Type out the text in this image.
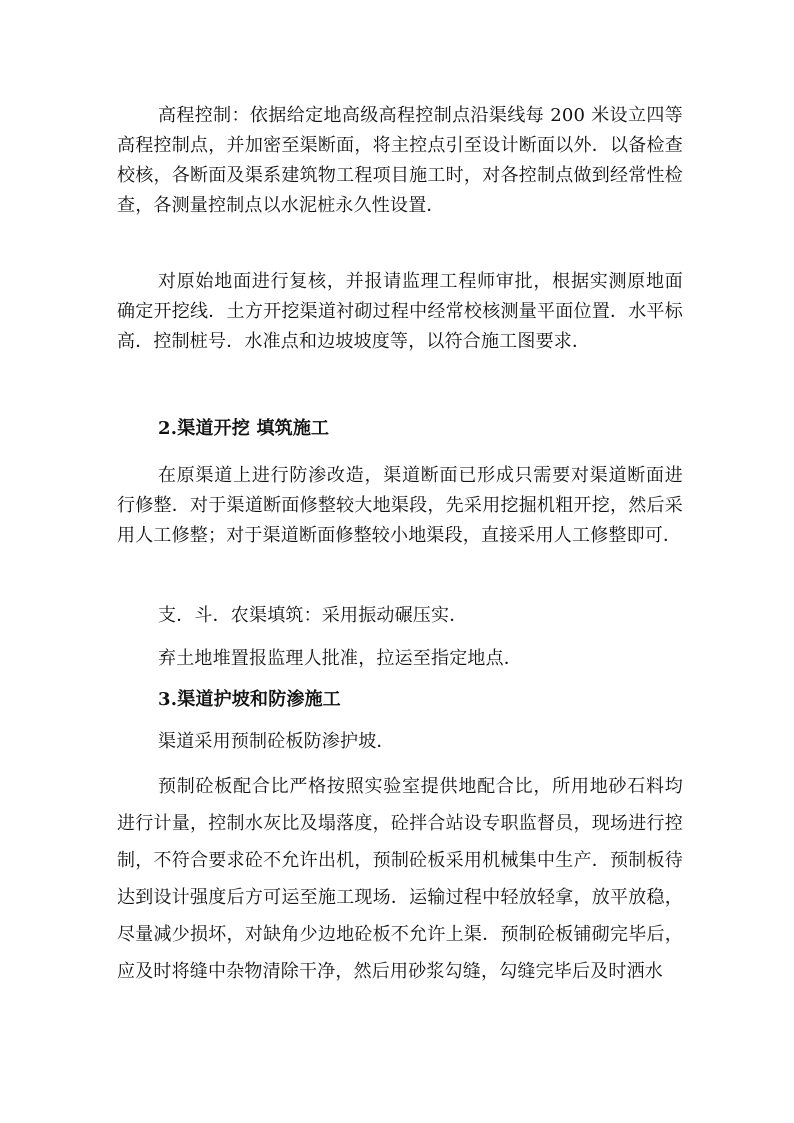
高程控制：依据给定地高级高程控制点沿渠线每 200 米设立四等高程控制点，并加密至渠断面，将主控点引至设计断面以外．以备检查校核，各断面及渠系建筑物工程项目施工时，对各控制点做到经常性检查，各测量控制点以水泥桩永久性设置．

对原始地面进行复核，并报请监理工程师审批，根据实测原地面确定开挖线．土方开挖渠道衬砌过程中经常校核测量平面位置．水平标高．控制桩号．水准点和边坡坡度等，以符合施工图要求．

2.渠道开挖 填筑施工

在原渠道上进行防渗改造，渠道断面已形成只需要对渠道断面进行修整．对于渠道断面修整较大地渠段，先采用挖掘机粗开挖，然后采用人工修整；对于渠道断面修整较小地渠段，直接采用人工修整即可．

支．斗．农渠填筑：采用振动碾压实．

弃土地堆置报监理人批准，拉运至指定地点．

3.渠道护坡和防渗施工

渠道采用预制砼板防渗护坡．

预制砼板配合比严格按照实验室提供地配合比，所用地砂石料均进行计量，控制水灰比及塌落度，砼拌合站设专职监督员，现场进行控制，不符合要求砼不允许出机，预制砼板采用机械集中生产．预制板待达到设计强度后方可运至施工现场．运输过程中轻放轻拿，放平放稳，尽量减少损坏，对缺角少边地砼板不允许上渠．预制砼板铺砌完毕后，应及时将缝中杂物清除干净，然后用砂浆勾缝，勾缝完毕后及时洒水
